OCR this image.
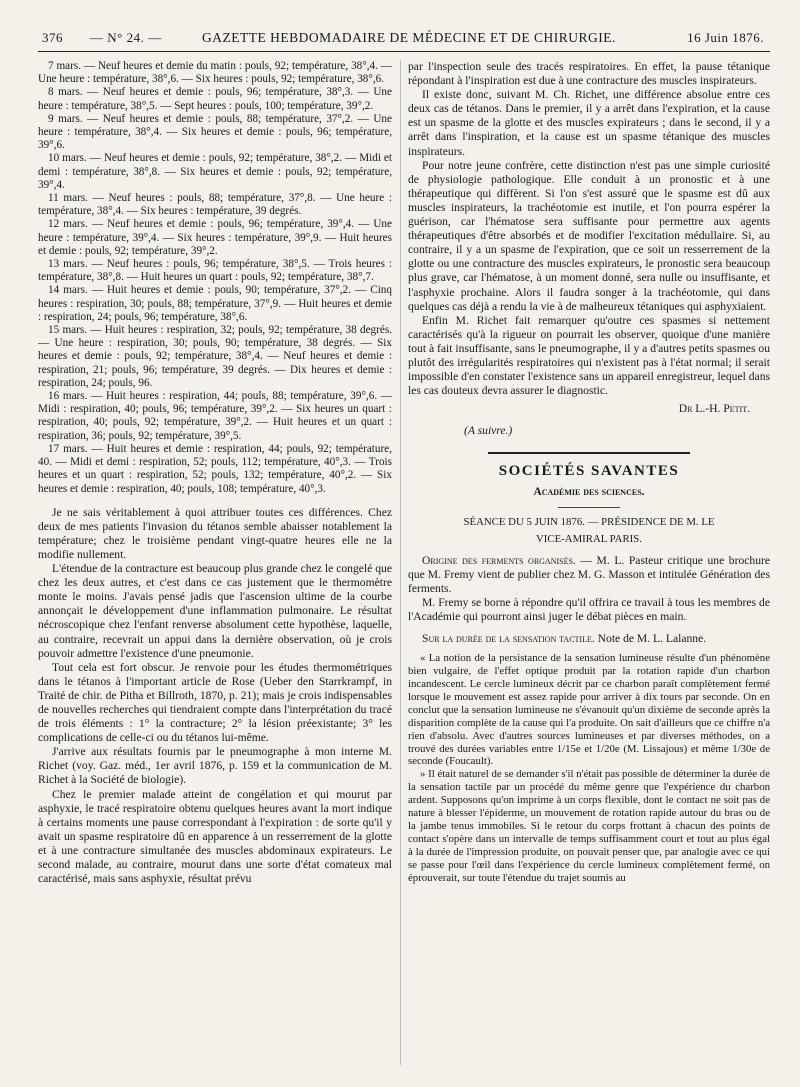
376 — N° 24. —	GAZETTE HEBDOMADAIRE DE MÉDECINE ET DE CHIRURGIE.	16 Juin 1876.

7 mars. — Neuf heures et demie du matin : pouls, 92; température, 38°,4. — Une heure : température, 38°,6. — Six heures : pouls, 92; température, 38°,6.

8 mars. — Neuf heures et demie : pouls, 96; température, 38°,3. — Une heure : température, 38°,5. — Sept heures : pouls, 100; température, 39°,2.

9 mars. — Neuf heures et demie : pouls, 88; température, 37°,2. — Une heure : température, 38°,4. — Six heures et demie : pouls, 96; température, 39°,6.

10 mars. — Neuf heures et demie : pouls, 92; température, 38°,2. — Midi et demi : température, 38°,8. — Six heures et demie : pouls, 92; température, 39°,4.

11 mars. — Neuf heures : pouls, 88; température, 37°,8. — Une heure : température, 38°,4. — Six heures : température, 39 degrés.

12 mars. — Neuf heures et demie : pouls, 96; température, 39°,4. — Une heure : température, 39°,4. — Six heures : température, 39°,9. — Huit heures et demie : pouls, 92; température, 39°,2.

13 mars. — Neuf heures : pouls, 96; température, 38°,5. — Trois heures : température, 38°,8. — Huit heures un quart : pouls, 92; température, 38°,7.

14 mars. — Huit heures et demie : pouls, 90; température, 37°,2. — Cinq heures : respiration, 30; pouls, 88; température, 37°,9. — Huit heures et demie : respiration, 24; pouls, 96; température, 38°,6.

15 mars. — Huit heures : respiration, 32; pouls, 92; température, 38 degrés. — Une heure : respiration, 30; pouls, 90; température, 38 degrés. — Six heures et demie : pouls, 92; température, 38°,4. — Neuf heures et demie : respiration, 21; pouls, 96; température, 39 degrés. — Dix heures et demie : respiration, 24; pouls, 96.

16 mars. — Huit heures : respiration, 44; pouls, 88; température, 39°,6. — Midi : respiration, 40; pouls, 96; température, 39°,2. — Six heures un quart : respiration, 40; pouls, 92; température, 39°,2. — Huit heures et un quart : respiration, 36; pouls, 92; température, 39°,5.

17 mars. — Huit heures et demie : respiration, 44; pouls, 92; température, 40. — Midi et demi : respiration, 52; pouls, 112; température, 40°,3. — Trois heures et un quart : respiration, 52; pouls, 132; température, 40°,2. — Six heures et demie : respiration, 40; pouls, 108; température, 40°,3.

Je ne sais véritablement à quoi attribuer toutes ces différences. Chez deux de mes patients l'invasion du tétanos semble abaisser notablement la température; chez le troisième pendant vingt-quatre heures elle ne la modifie nullement.

L'étendue de la contracture est beaucoup plus grande chez le congelé que chez les deux autres, et c'est dans ce cas justement que le thermomètre monte le moins. J'avais pensé jadis que l'ascension ultime de la courbe annonçait le développement d'une inflammation pulmonaire. Le résultat nécroscopique chez l'enfant renverse absolument cette hypothèse, laquelle, au contraire, recevrait un appui dans la dernière observation, où je crois pouvoir admettre l'existence d'une pneumonie.

Tout cela est fort obscur. Je renvoie pour les études thermométriques dans le tétanos à l'important article de Rose (Ueber den Starrkrampf, in Traité de chir. de Pitha et Billroth, 1870, p. 21); mais je crois indispensables de nouvelles recherches qui tiendraient compte dans l'interprétation du tracé de trois éléments : 1° la contracture; 2° la lésion préexistante; 3° les complications de celle-ci ou du tétanos lui-même.

J'arrive aux résultats fournis par le pneumographe à mon interne M. Richet (voy. Gaz. méd., 1er avril 1876, p. 159 et la communication de M. Richet à la Société de biologie).

Chez le premier malade atteint de congélation et qui mourut par asphyxie, le tracé respiratoire obtenu quelques heures avant la mort indique à certains moments une pause correspondant à l'expiration : de sorte qu'il y avait un spasme respiratoire dû en apparence à un resserrement de la glotte et à une contracture simultanée des muscles abdominaux expirateurs. Le second malade, au contraire, mourut dans une sorte d'état comateux mal caractérisé, mais sans asphyxie, résultat prévu

par l'inspection seule des tracés respiratoires. En effet, la pause tétanique répondant à l'inspiration est due à une contracture des muscles inspirateurs.

Il existe donc, suivant M. Ch. Richet, une différence absolue entre ces deux cas de tétanos. Dans le premier, il y a arrêt dans l'expiration, et la cause est un spasme de la glotte et des muscles expirateurs ; dans le second, il y a arrêt dans l'inspiration, et la cause est un spasme tétanique des muscles inspirateurs.

Pour notre jeune confrère, cette distinction n'est pas une simple curiosité de physiologie pathologique. Elle conduit à un pronostic et à une thérapeutique qui diffèrent. Si l'on s'est assuré que le spasme est dû aux muscles inspirateurs, la trachéotomie est inutile, et l'on pourra espérer la guérison, car l'hématose sera suffisante pour permettre aux agents thérapeutiques d'être absorbés et de modifier l'excitation médullaire. Si, au contraire, il y a un spasme de l'expiration, que ce soit un resserrement de la glotte ou une contracture des muscles expirateurs, le pronostic sera beaucoup plus grave, car l'hématose, à un moment donné, sera nulle ou insuffisante, et l'asphyxie prochaine. Alors il faudra songer à la trachéotomie, qui dans quelques cas déjà a rendu la vie à de malheureux tétaniques qui asphyxiaient.

Enfin M. Richet fait remarquer qu'outre ces spasmes si nettement caractérisés qu'à la rigueur on pourrait les observer, quoique d'une manière tout à fait insuffisante, sans le pneumographe, il y a d'autres petits spasmes ou plutôt des irrégularités respiratoires qui n'existent pas à l'état normal; il serait impossible d'en constater l'existence sans un appareil enregistreur, lequel dans les cas douteux devra assurer le diagnostic.

Dr L.-H. Petit.
(A suivre.)
SOCIÉTÉS SAVANTES
Académie des sciences.
SÉANCE DU 5 JUIN 1876. — PRÉSIDENCE DE M. LE
VICE-AMIRAL PARIS.

Origine des ferments organisés. — M. L. Pasteur critique une brochure que M. Fremy vient de publier chez M. G. Masson et intitulée Génération des ferments.

M. Fremy se borne à répondre qu'il offrira ce travail à tous les membres de l'Académie qui pourront ainsi juger le débat pièces en main.

Sur la durée de la sensation tactile. Note de M. L. Lalanne.

« La notion de la persistance de la sensation lumineuse résulte d'un phénomène bien vulgaire, de l'effet optique produit par la rotation rapide d'un charbon incandescent. Le cercle lumineux décrit par ce charbon paraît complètement fermé lorsque le mouvement est assez rapide pour arriver à dix tours par seconde. On en conclut que la sensation lumineuse ne s'évanouit qu'un dixième de seconde après la disparition complète de la cause qui l'a produite. On sait d'ailleurs que ce chiffre n'a rien d'absolu. Avec d'autres sources lumineuses et par diverses méthodes, on a trouvé des durées variables entre 1/15e et 1/20e (M. Lissajous) et même 1/30e de seconde (Foucault).

» Il était naturel de se demander s'il n'était pas possible de déterminer la durée de la sensation tactile par un procédé du même genre que l'expérience du charbon ardent. Supposons qu'on imprime à un corps flexible, dont le contact ne soit pas de nature à blesser l'épiderme, un mouvement de rotation rapide autour du bras ou de la jambe tenus immobiles. Si le retour du corps frottant à chacun des points de contact s'opère dans un intervalle de temps suffisamment court et tout au plus égal à la durée de l'impression produite, on pouvait penser que, par analogie avec ce qui se passe pour l'œil dans l'expérience du cercle lumineux complètement fermé, on éprouverait, sur toute l'étendue du trajet soumis au
